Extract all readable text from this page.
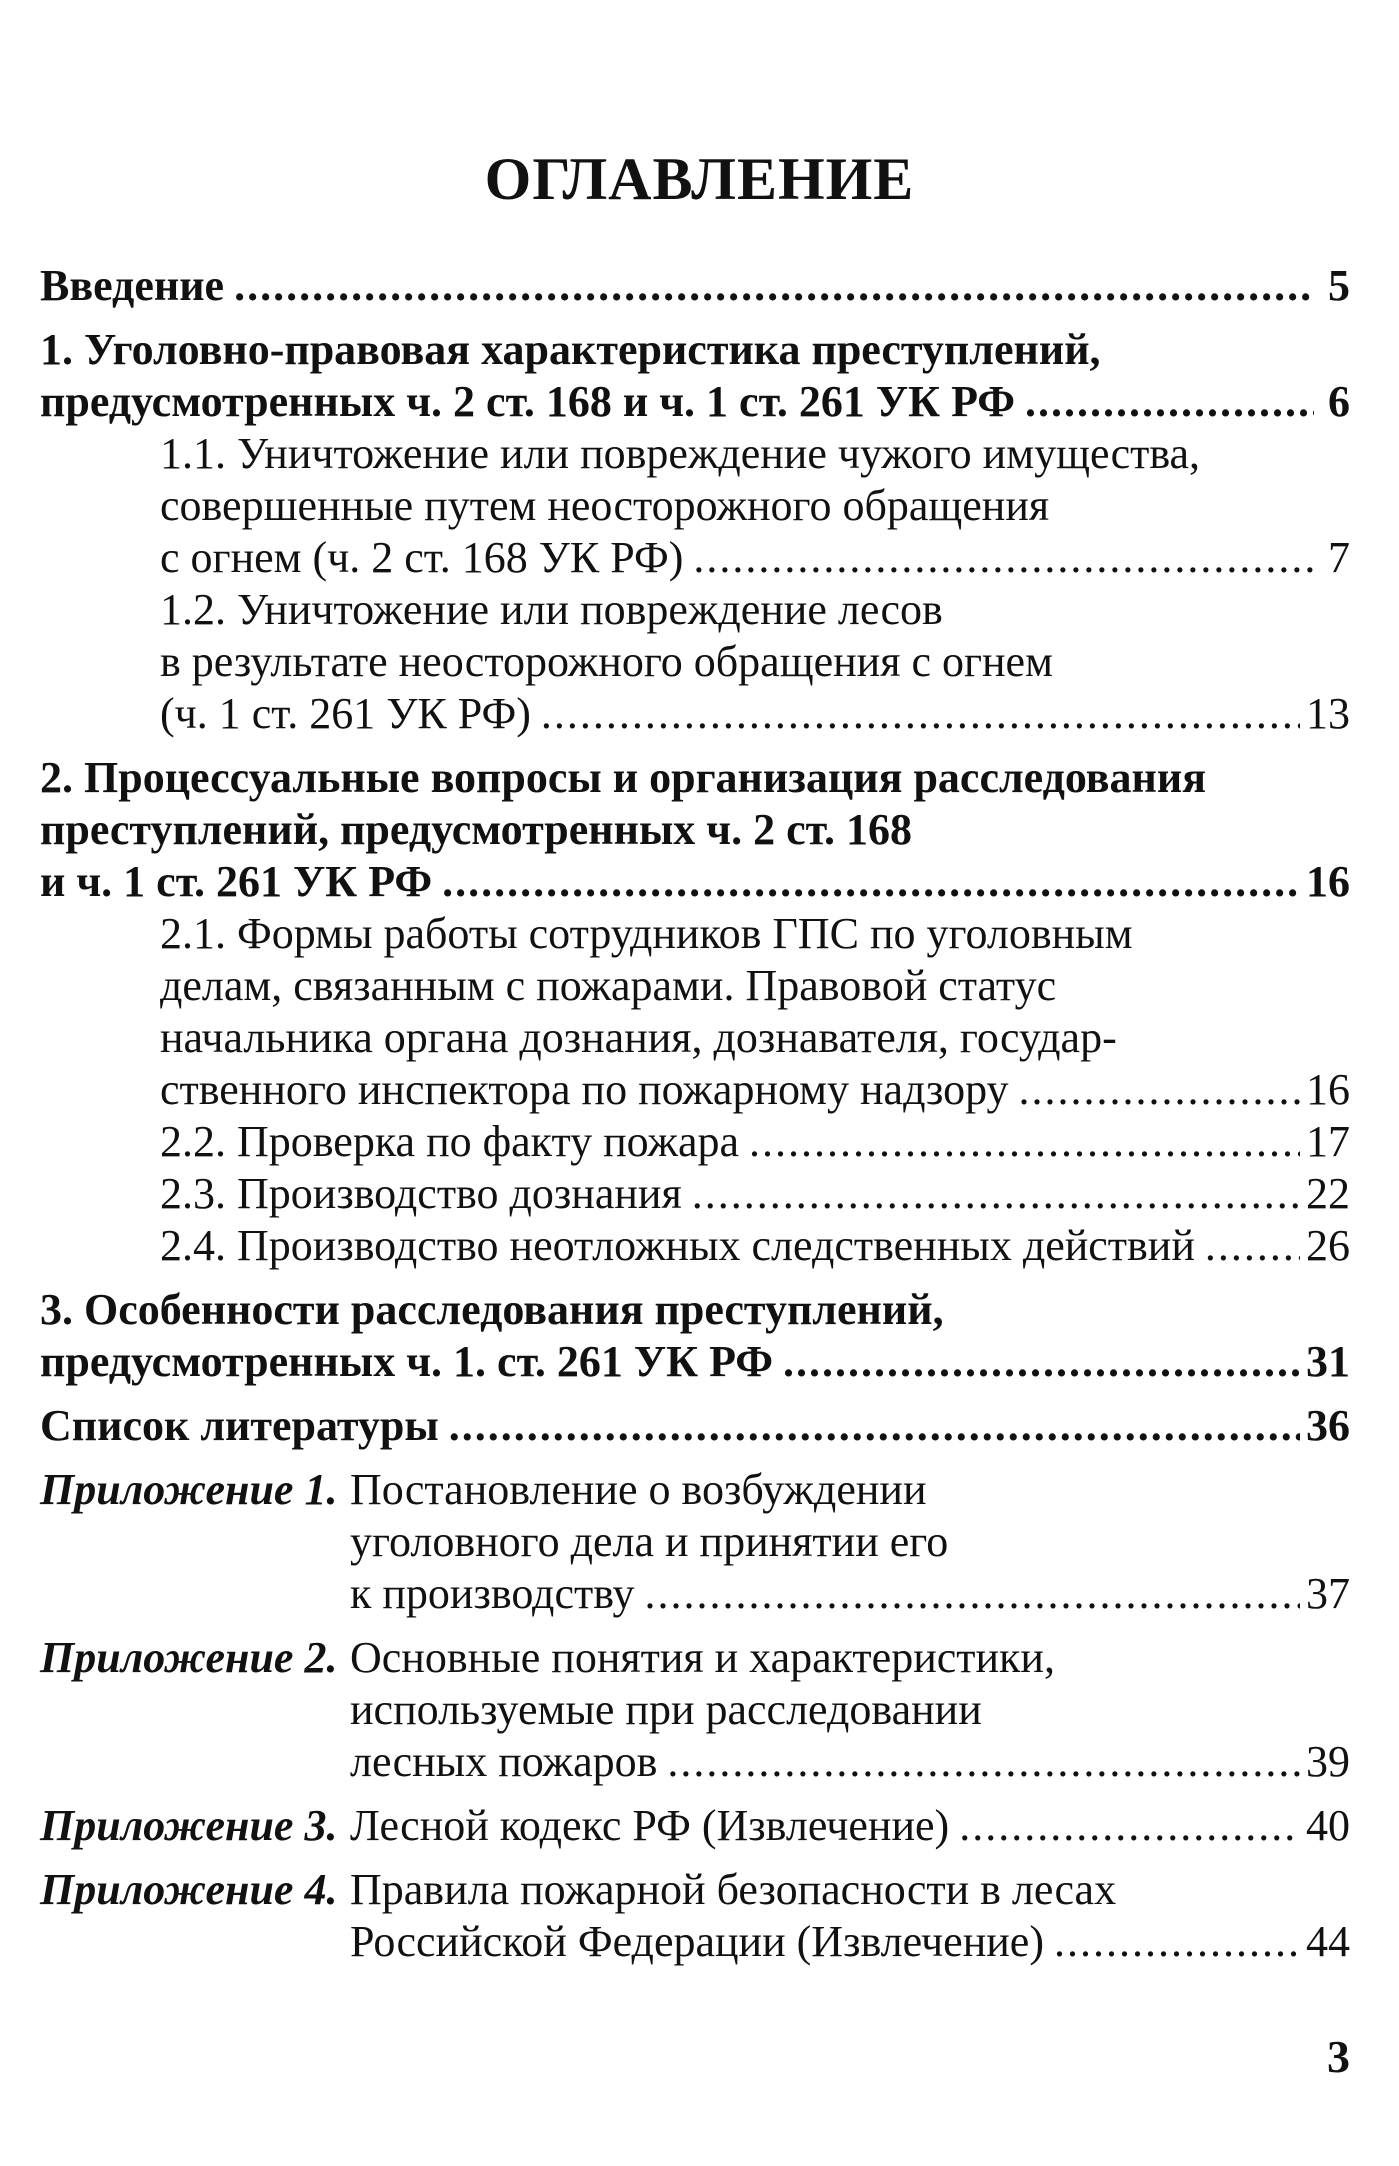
ОГЛАВЛЕНИЕ
Введение .....	5
1. Уголовно-правовая характеристика преступлений,
предусмотренных ч. 2 ст. 168 и ч. 1 ст. 261 УК РФ .....	6
1.1. Уничтожение или повреждение чужого имущества,
совершенные путем неосторожного обращения
с огнем (ч. 2 ст. 168 УК РФ) .....	7
1.2. Уничтожение или повреждение лесов
в результате неосторожного обращения с огнем
(ч. 1 ст. 261 УК РФ) .....	13
2. Процессуальные вопросы и организация расследования
преступлений, предусмотренных ч. 2 ст. 168
и ч. 1 ст. 261 УК РФ .....	16
2.1. Формы работы сотрудников ГПС по уголовным
делам, связанным с пожарами. Правовой статус
начальника органа дознания, дознавателя, государ-
ственного инспектора по пожарному надзору .....	16
2.2. Проверка по факту пожара .....	17
2.3. Производство дознания .....	22
2.4. Производство неотложных следственных действий .....	26
3. Особенности расследования преступлений,
предусмотренных ч. 1. ст. 261 УК РФ .....	31
Список литературы .....	36
Приложение 1. Постановление о возбуждении
уголовного дела и принятии его
к производству .....	37
Приложение 2. Основные понятия и характеристики,
используемые при расследовании
лесных пожаров .....	39
Приложение 3. Лесной кодекс РФ (Извлечение) .....	40
Приложение 4. Правила пожарной безопасности в лесах
Российской Федерации (Извлечение) .....	44
3
